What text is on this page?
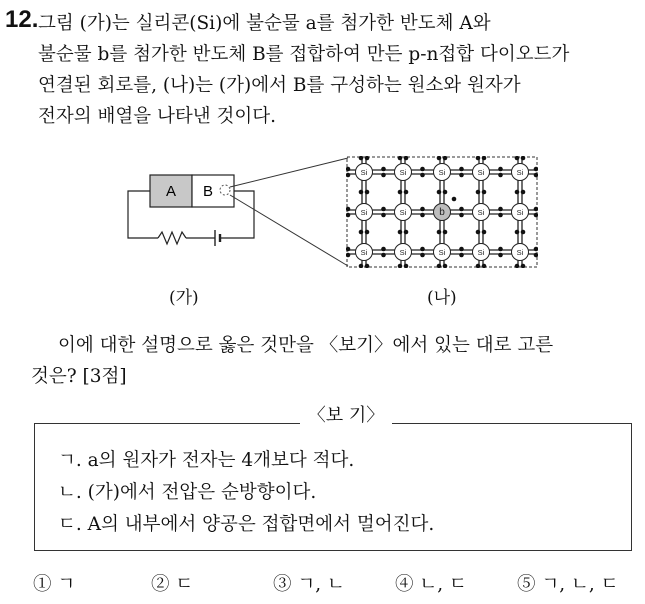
12. 그림 (가)는 실리콘(Si)에 불순물 a를 첨가한 반도체 A와
불순물 b를 첨가한 반도체 B를 접합하여 만든 p-n접합 다이오드가
연결된 회로를, (나)는 (가)에서 B를 구성하는 원소와 원자가
전자의 배열을 나타낸 것이다.
A B
Si	Si	Si	Si	Si
Si	Si	b	Si	Si
Si	Si	Si	Si	Si
(가)	(나)
이에 대한 설명으로 옳은 것만을 〈보기〉에서 있는 대로 고른
것은? [3점]
〈보 기〉
ㄱ. a의 원자가 전자는 4개보다 적다.
ㄴ. (가)에서 전압은 순방향이다.
ㄷ. A의 내부에서 양공은 접합면에서 멀어진다.
① ㄱ	② ㄷ	③ ㄱ, ㄴ	④ ㄴ, ㄷ	⑤ ㄱ, ㄴ, ㄷ
